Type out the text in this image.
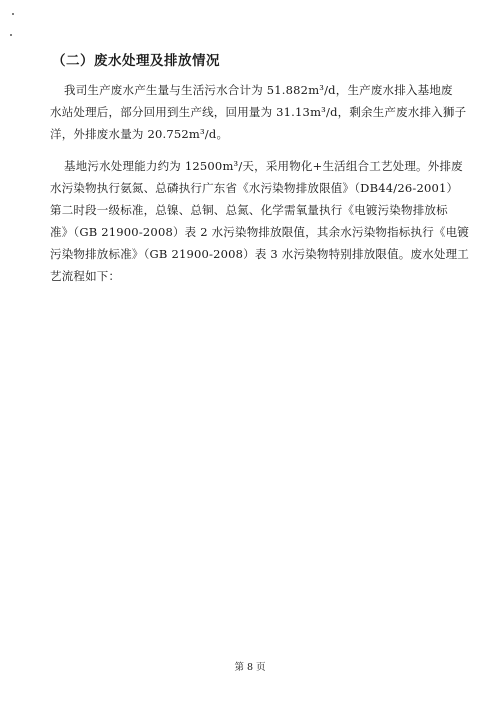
（二）废水处理及排放情况
我司生产废水产生量与生活污水合计为 51.882m³/d，生产废水排入基地废
水站处理后，部分回用到生产线，回用量为 31.13m³/d，剩余生产废水排入狮子
洋，外排废水量为 20.752m³/d。
基地污水处理能力约为 12500m³/天，采用物化+生活组合工艺处理。外排废
水污染物执行氨氮、总磷执行广东省《水污染物排放限值》（DB44/26-2001）
第二时段一级标准，总镍、总铜、总氮、化学需氧量执行《电镀污染物排放标
准》（GB 21900-2008）表 2 水污染物排放限值，其余水污染物指标执行《电镀
污染物排放标准》（GB 21900-2008）表 3 水污染物特别排放限值。废水处理工
艺流程如下：
第 8 页
